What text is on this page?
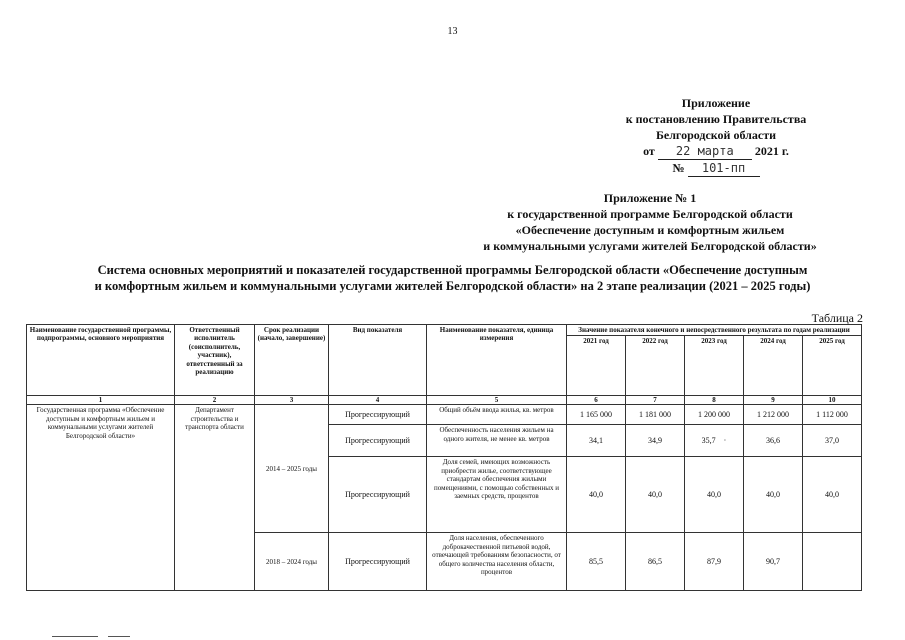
13
Приложение
к постановлению Правительства
Белгородской области
от 22 марта 2021 г.
№ 101-пп
Приложение № 1
к государственной программе Белгородской области
«Обеспечение доступным и комфортным жильем
и коммунальными услугами жителей Белгородской области»
Система основных мероприятий и показателей государственной программы Белгородской области «Обеспечение доступным
и комфортным жильем и коммунальными услугами жителей Белгородской области» на 2 этапе реализации (2021 – 2025 годы)
Таблица 2
Наименование государственной программы, подпрограммы, основного мероприятия	Ответственный исполнитель (соисполнитель, участник), ответственный за реализацию	Срок реализации (начало, завершение)	Вид показателя	Наименование показателя, единица измерения	Значение показателя конечного и непосредственного результата по годам реализации				
					2021 год	2022 год	2023 год	2024 год	2025 год
1	2	3	4	5	6	7	8	9	10
Государственная программа «Обеспечение доступным и комфортным жильем и коммунальными услугами жителей Белгородской области»	Департамент строительства и транспорта области	2014 – 2025 годы	Прогрессирующий	Общий объём ввода жилья, кв. метров	1 165 000	1 181 000	1 200 000	1 212 000	1 112 000
			Прогрессирующий	Обеспеченность населения жильем на одного жителя, не менее кв. метров	34,1	34,9	35,7 ·	36,6	37,0
			Прогрессирующий	Доля семей, имеющих возможность приобрести жилье, соответствующее стандартам обеспечения жилыми помещениями, с помощью собственных и заемных средств, процентов	40,0	40,0	40,0	40,0	40,0
		2018 – 2024 годы	Прогрессирующий	Доля населения, обеспеченного доброкачественной питьевой водой, отвечающей требованиям безопасности, от общего количества населения области, процентов	85,5	86,5	87,9	90,7	
